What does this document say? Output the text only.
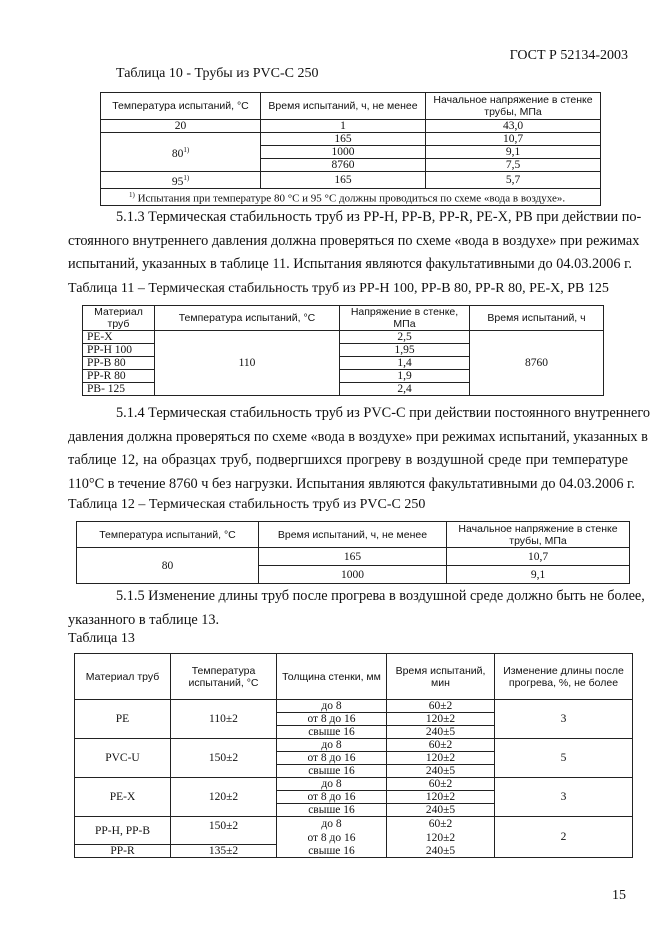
ГОСТ Р 52134-2003
Таблица 10 - Трубы из PVC-С 250
Температура испытаний, °С	Время испытаний, ч, не менее	Начальное напряжение в стенке трубы, МПа
20	1	43,0
80$^{1)}$	165	10,7
	1000	9,1
	8760	7,5
95$^{1)}$	165	5,7
$^{1)}$ Испытания при температуре 80 °С и 95 °С должны проводиться по схеме «вода в воздухе».		
5.1.3 Термическая стабильность труб из PP-H, PP-B, PP-R, PE-X, PB при действии по-
стоянного внутреннего давления должна проверяться по схеме «вода в воздухе» при режимах
испытаний, указанных в таблице 11. Испытания являются факультативными до 04.03.2006 г.
Таблица 11 – Термическая стабильность труб из PP-H 100, PP-B 80, PP-R 80, PE-X, PB 125
Материал труб	Температура испытаний, °С	Напряжение в стенке, МПа	Время испытаний, ч
PE-X	110	2,5	8760
PP-H 100		1,95	
PP-B 80		1,4	
PP-R 80		1,9	
PB- 125		2,4	
5.1.4 Термическая стабильность труб из PVC-C при действии постоянного внутреннего
давления должна проверяться по схеме «вода в воздухе» при режимах испытаний, указанных в
таблице 12, на образцах труб, подвергшихся прогреву в воздушной среде при температуре
110°С в течение 8760 ч без нагрузки. Испытания являются факультативными до 04.03.2006 г.
Таблица 12 – Термическая стабильность труб из PVC-C 250
Температура испытаний, °С	Время испытаний, ч, не менее	Начальное напряжение в стенке трубы, МПа
80	165	10,7
	1000	9,1
5.1.5 Изменение длины труб после прогрева в воздушной среде должно быть не более,
указанного в таблице 13.
Таблица 13
Материал труб	Температура испытаний, °С	Толщина стенки, мм	Время испытаний, мин	Изменение длины после прогрева, %, не более
PE	110±2	до 8	60±2	3
		от 8 до 16	120±2	
		свыше 16	240±5	
PVC-U	150±2	до 8	60±2	5
		от 8 до 16	120±2	
		свыше 16	240±5	
PE-X	120±2	до 8	60±2	3
		от 8 до 16	120±2	
		свыше 16	240±5	
PP-H, PP-B	150±2	до 8	60±2	2
		от 8 до 16	120±2	
PP-R	135±2	свыше 16	240±5	
15
